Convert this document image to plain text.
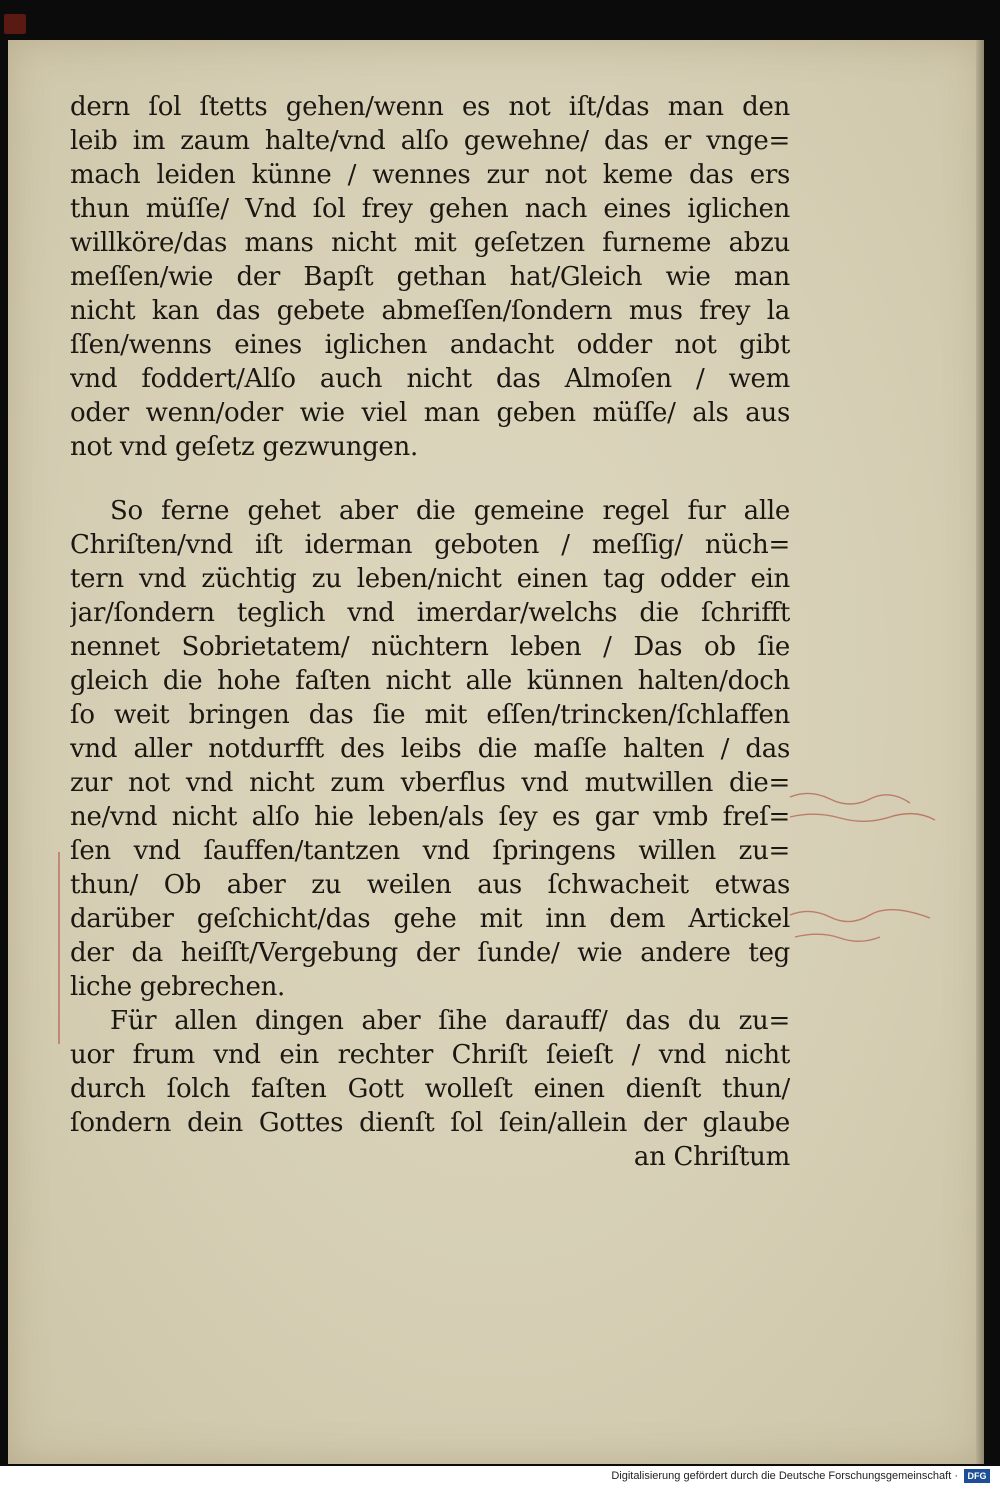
dern ſol ſtetts gehen/wenn es not iſt/das man den
leib im zaum halte/vnd alſo gewehne/ das er vnge=
mach leiden künne / wennes zur not keme das ers
thun müſſe/ Vnd ſol frey gehen nach eines iglichen
willköre/das mans nicht mit geſetzen furneme abzu
meſſen/wie der Bapſt gethan hat/Gleich wie man
nicht kan das gebete abmeſſen/ſondern mus frey la
ſſen/wenns eines iglichen andacht odder not gibt
vnd foddert/Alſo auch nicht das Almoſen / wem
oder wenn/oder wie viel man geben müſſe/ als aus
not vnd geſetz gezwungen.
So ferne gehet aber die gemeine regel fur alle
Chriſten/vnd iſt iderman geboten / meſſig/ nüch=
tern vnd züchtig zu leben/nicht einen tag odder ein
jar/ſondern teglich vnd imerdar/welchs die ſchrifft
nennet Sobrietatem/ nüchtern leben / Das ob ſie
gleich die hohe faſten nicht alle künnen halten/doch
ſo weit bringen das ſie mit eſſen/trincken/ſchlaffen
vnd aller notdurfft des leibs die maſſe halten / das
zur not vnd nicht zum vberflus vnd mutwillen die=
ne/vnd nicht alſo hie leben/als ſey es gar vmb freſ=
ſen vnd ſauffen/tantzen vnd ſpringens willen zu=
thun/ Ob aber zu weilen aus ſchwacheit etwas
darüber geſchicht/das gehe mit inn dem Artickel
der da heiſſt/Vergebung der ſunde/ wie andere teg
liche gebrechen.
Für allen dingen aber ſihe darauff/ das du zu=
uor frum vnd ein rechter Chriſt ſeieſt / vnd nicht
durch ſolch faſten Gott wolleſt einen dienſt thun/
ſondern dein Gottes dienſt ſol ſein/allein der glaube
an Chriſtum
Digitalisierung gefördert durch die Deutsche Forschungsgemeinschaft ·	DFG
